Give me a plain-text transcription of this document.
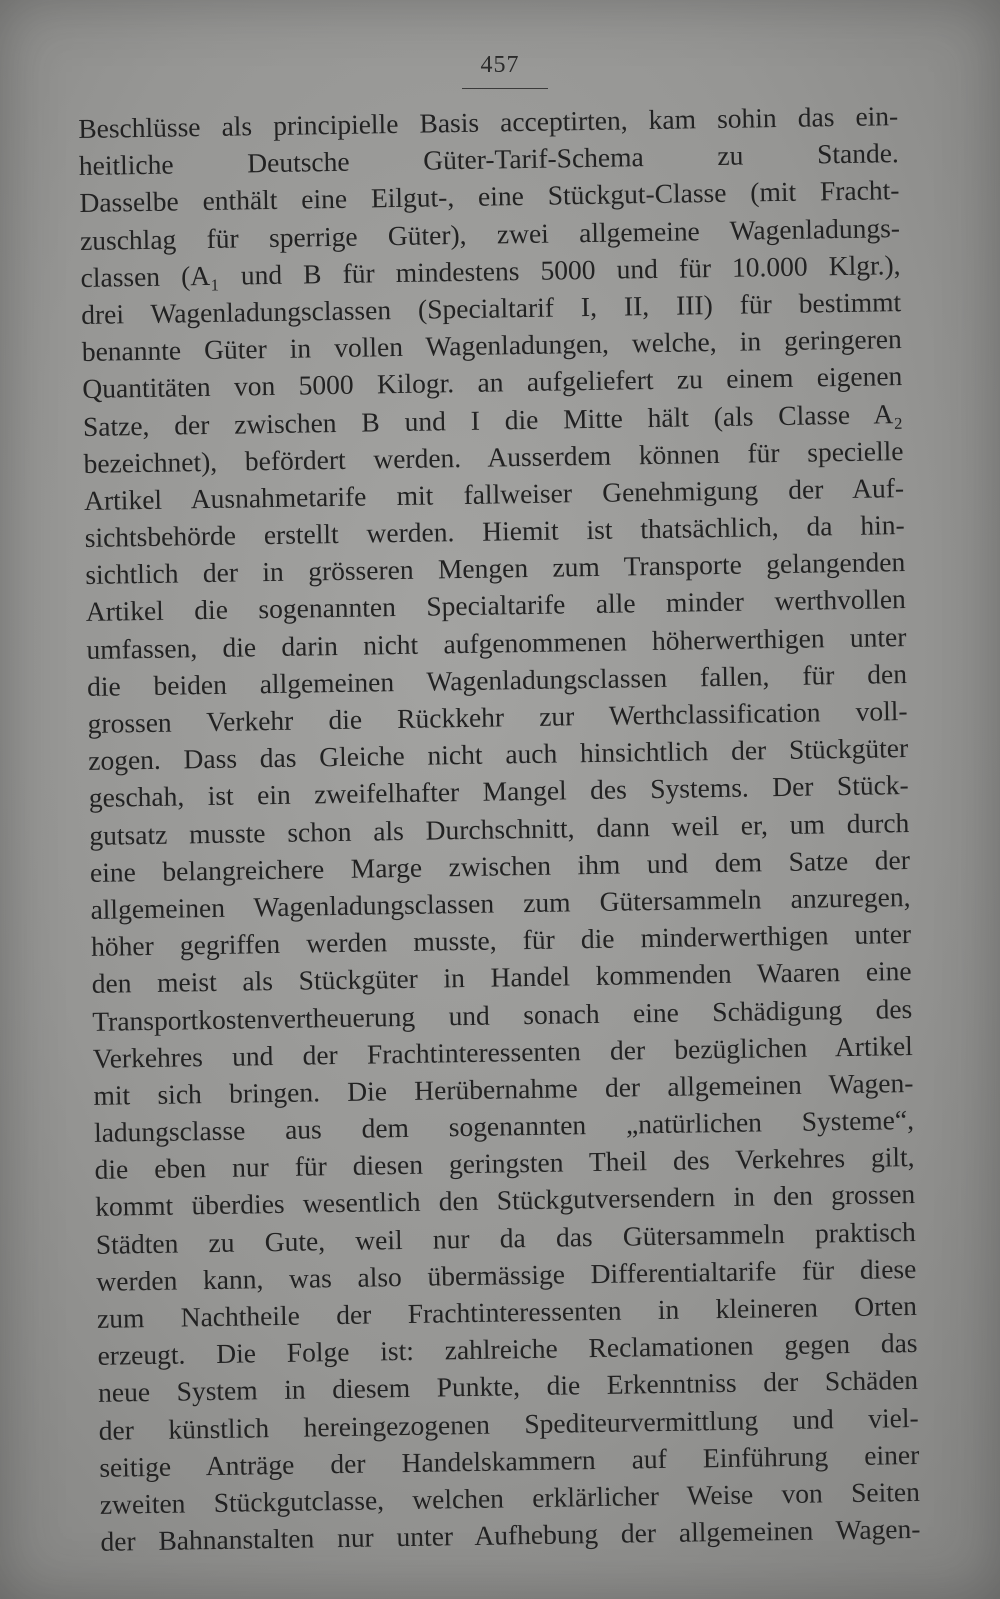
457
Beschlüsse als principielle Basis acceptirten, kam sohin das ein-
heitliche Deutsche Güter-Tarif-Schema zu Stande.
Dasselbe enthält eine Eilgut-, eine Stückgut-Classe (mit Fracht-
zuschlag für sperrige Güter), zwei allgemeine Wagenladungs-
classen (A₁ und B für mindestens 5000 und für 10.000 Klgr.),
drei Wagenladungsclassen (Specialtarif I, II, III) für bestimmt
benannte Güter in vollen Wagenladungen, welche, in geringeren
Quantitäten von 5000 Kilogr. an aufgeliefert zu einem eigenen
Satze, der zwischen B und I die Mitte hält (als Classe A₂
bezeichnet), befördert werden. Ausserdem können für specielle
Artikel Ausnahmetarife mit fallweiser Genehmigung der Auf-
sichtsbehörde erstellt werden. Hiemit ist thatsächlich, da hin-
sichtlich der in grösseren Mengen zum Transporte gelangenden
Artikel die sogenannten Specialtarife alle minder werthvollen
umfassen, die darin nicht aufgenommenen höherwerthigen unter
die beiden allgemeinen Wagenladungsclassen fallen, für den
grossen Verkehr die Rückkehr zur Werthclassification voll-
zogen. Dass das Gleiche nicht auch hinsichtlich der Stückgüter
geschah, ist ein zweifelhafter Mangel des Systems. Der Stück-
gutsatz musste schon als Durchschnitt, dann weil er, um durch
eine belangreichere Marge zwischen ihm und dem Satze der
allgemeinen Wagenladungsclassen zum Gütersammeln anzuregen,
höher gegriffen werden musste, für die minderwerthigen unter
den meist als Stückgüter in Handel kommenden Waaren eine
Transportkostenvertheuerung und sonach eine Schädigung des
Verkehres und der Frachtinteressenten der bezüglichen Artikel
mit sich bringen. Die Herübernahme der allgemeinen Wagen-
ladungsclasse aus dem sogenannten „natürlichen Systeme“,
die eben nur für diesen geringsten Theil des Verkehres gilt,
kommt überdies wesentlich den Stückgutversendern in den grossen
Städten zu Gute, weil nur da das Gütersammeln praktisch
werden kann, was also übermässige Differentialtarife für diese
zum Nachtheile der Frachtinteressenten in kleineren Orten
erzeugt. Die Folge ist: zahlreiche Reclamationen gegen das
neue System in diesem Punkte, die Erkenntniss der Schäden
der künstlich hereingezogenen Spediteurvermittlung und viel-
seitige Anträge der Handelskammern auf Einführung einer
zweiten Stückgutclasse, welchen erklärlicher Weise von Seiten
der Bahnanstalten nur unter Aufhebung der allgemeinen Wagen-
